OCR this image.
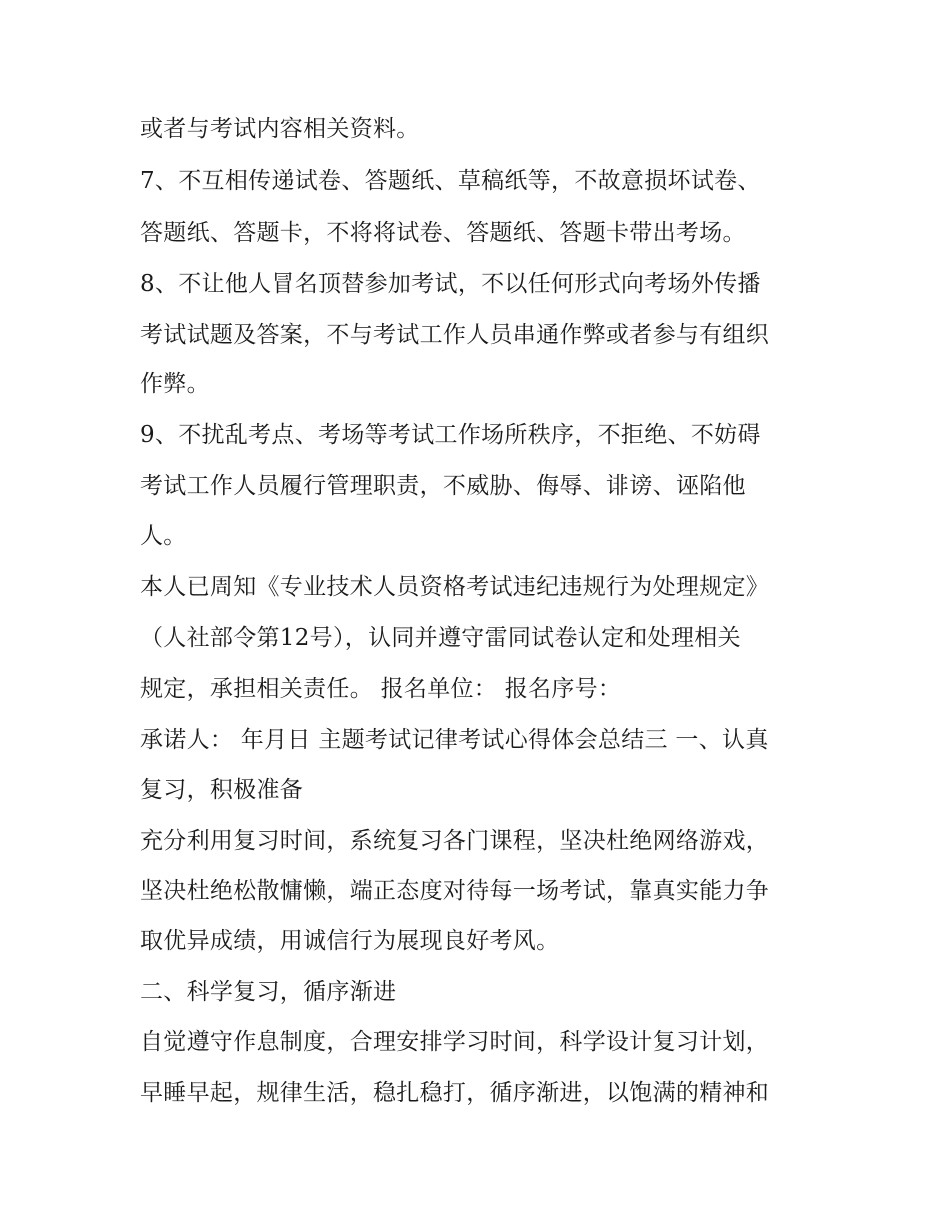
或者与考试内容相关资料。
7、不互相传递试卷、答题纸、草稿纸等，不故意损坏试卷、
答题纸、答题卡，不将将试卷、答题纸、答题卡带出考场。
8、不让他人冒名顶替参加考试，不以任何形式向考场外传播
考试试题及答案，不与考试工作人员串通作弊或者参与有组织
作弊。
9、不扰乱考点、考场等考试工作场所秩序，不拒绝、不妨碍
考试工作人员履行管理职责，不威胁、侮辱、诽谤、诬陷他
人。
本人已周知《专业技术人员资格考试违纪违规行为处理规定》
（人社部令第12号），认同并遵守雷同试卷认定和处理相关
规定，承担相关责任。 报名单位： 报名序号：
承诺人： 年月日 主题考试记律考试心得体会总结三 一、认真
复习，积极准备
充分利用复习时间，系统复习各门课程，坚决杜绝网络游戏，
坚决杜绝松散慵懒，端正态度对待每一场考试，靠真实能力争
取优异成绩，用诚信行为展现良好考风。
二、科学复习，循序渐进
自觉遵守作息制度，合理安排学习时间，科学设计复习计划，
早睡早起，规律生活，稳扎稳打，循序渐进，以饱满的精神和
